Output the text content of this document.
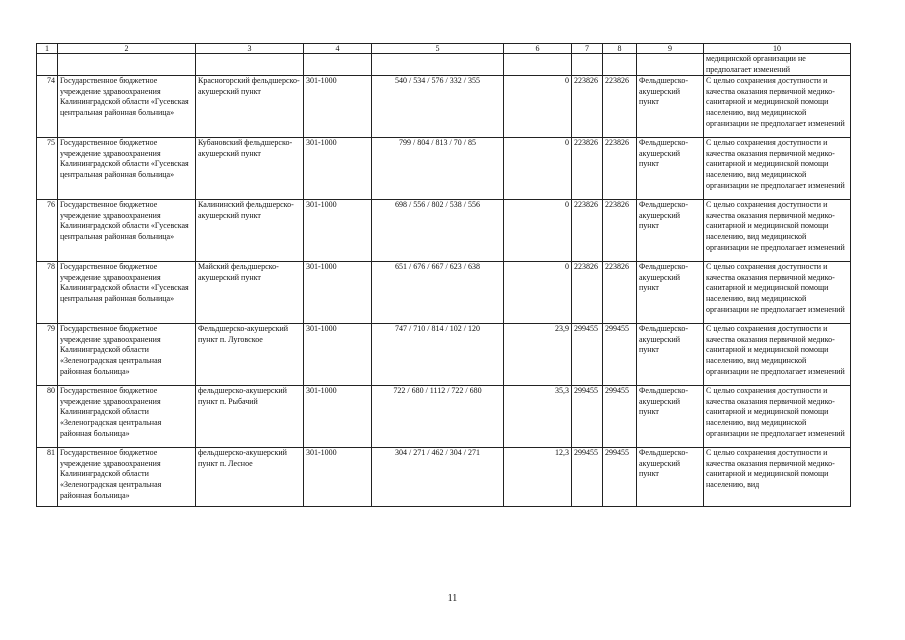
1	2	3	4	5	6	7	8	9	10
									медицинской организации не предполагает изменений
74	Государственное бюджетное учреждение здравоохранения Калининградской области «Гусевская центральная районная больница»	Красногорский фельдшерско-акушерский пункт	301-1000	540 / 534 / 576 / 332 / 355	0	223826	223826	Фельдшерско-акушерский пункт	С целью сохранения доступности и качества оказания первичной медико-санитарной и медицинской помощи населению, вид медицинской организации не предполагает изменений
75	Государственное бюджетное учреждение здравоохранения Калининградской области «Гусевская центральная районная больница»	Кубановский фельдшерско-акушерский пункт	301-1000	799 / 804 / 813 / 70 / 85	0	223826	223826	Фельдшерско-акушерский пункт	С целью сохранения доступности и качества оказания первичной медико-санитарной и медицинской помощи населению, вид медицинской организации не предполагает изменений
76	Государственное бюджетное учреждение здравоохранения Калининградской области «Гусевская центральная районная больница»	Калининский фельдшерско-акушерский пункт	301-1000	698 / 556 / 802 / 538 / 556	0	223826	223826	Фельдшерско-акушерский пункт	С целью сохранения доступности и качества оказания первичной медико-санитарной и медицинской помощи населению, вид медицинской организации не предполагает изменений
78	Государственное бюджетное учреждение здравоохранения Калининградской области «Гусевская центральная районная больница»	Майский фельдшерско-акушерский пункт	301-1000	651 / 676 / 667 / 623 / 638	0	223826	223826	Фельдшерско-акушерский пункт	С целью сохранения доступности и качества оказания первичной медико-санитарной и медицинской помощи населению, вид медицинской организации не предполагает изменений
79	Государственное бюджетное учреждение здравоохранения Калининградской области «Зеленоградская центральная районная больница»	Фельдшерско-акушерский пункт п. Луговское	301-1000	747 / 710 / 814 / 102 / 120	23,9	299455	299455	Фельдшерско-акушерский пункт	С целью сохранения доступности и качества оказания первичной медико-санитарной и медицинской помощи населению, вид медицинской организации не предполагает изменений
80	Государственное бюджетное учреждение здравоохранения Калининградской области «Зеленоградская центральная районная больница»	фельдшерско-акушерский пункт п. Рыбачий	301-1000	722 / 680 / 1112 / 722 / 680	35,3	299455	299455	Фельдшерско-акушерский пункт	С целью сохранения доступности и качества оказания первичной медико-санитарной и медицинской помощи населению, вид медицинской организации не предполагает изменений
81	Государственное бюджетное учреждение здравоохранения Калининградской области «Зеленоградская центральная районная больница»	фельдшерско-акушерский пункт п. Лесное	301-1000	304 / 271 / 462 / 304 / 271	12,3	299455	299455	Фельдшерско-акушерский пункт	С целью сохранения доступности и качества оказания первичной медико-санитарной и медицинской помощи населению, вид
11
